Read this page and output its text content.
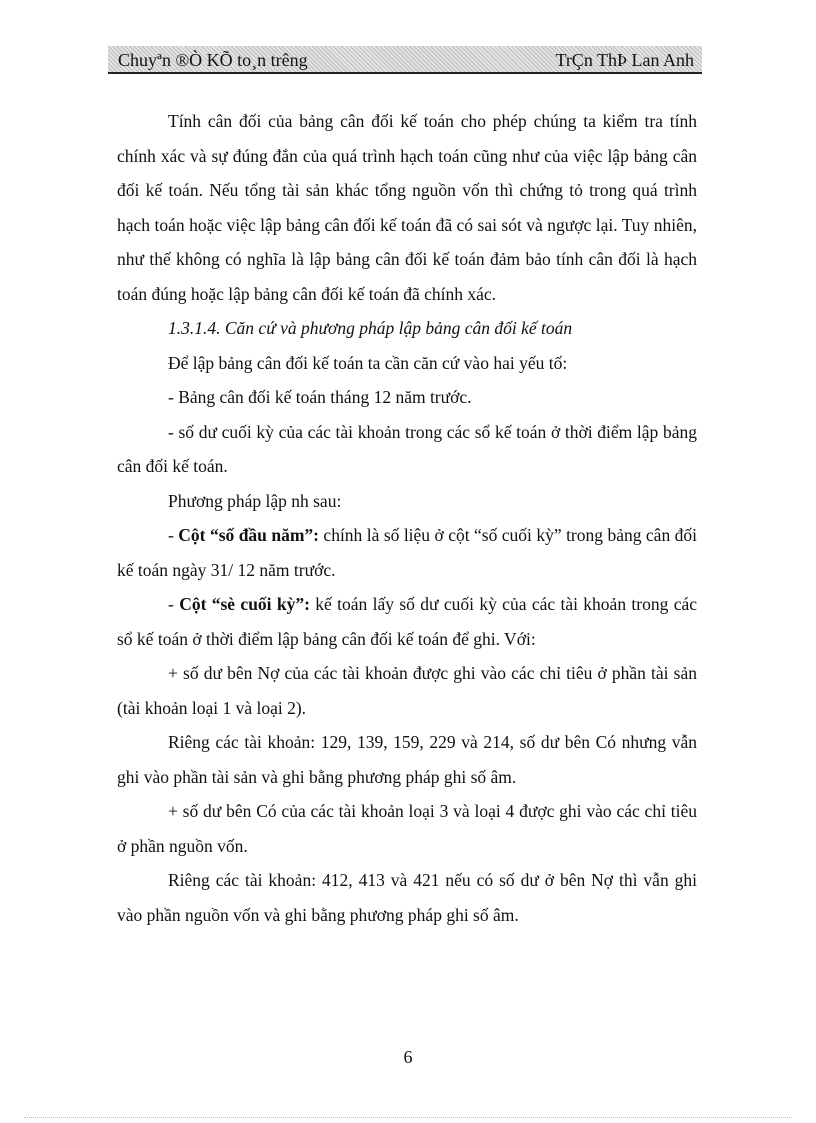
Chuyªn ®Ò KÕ to¸n trêng	TrÇn ThÞ Lan Anh

Tính cân đối của bảng cân đối kế toán cho phép chúng ta kiểm tra tính chính xác và sự đúng đắn của quá trình hạch toán cũng như của việc lập bảng cân đối kế toán. Nếu tổng tài sản khác tổng nguồn vốn thì chứng tỏ trong quá trình hạch toán hoặc việc lập bảng cân đối kế toán đã có sai sót và ngược lại. Tuy nhiên, như thế không có nghĩa là lập bảng cân đối kế toán đảm bảo tính cân đối là hạch toán đúng hoặc lập bảng cân đối kế toán đã chính xác.

1.3.1.4. Căn cứ và phương pháp lập bảng cân đối kế toán

Để lập bảng cân đối kế toán ta cần căn cứ vào hai yếu tố:

- Bảng cân đối kế toán tháng 12 năm trước.

- số dư cuối kỳ của các tài khoản trong các sổ kế toán ở thời điểm lập bảng cân đối kế toán.

Phương pháp lập nh sau:

- Cột “số đầu năm”: chính là số liệu ở cột “số cuối kỳ” trong bảng cân đối kế toán ngày 31/ 12 năm trước.

- Cột “sè cuối kỳ”: kế toán lấy số dư cuối kỳ của các tài khoản trong các sổ kế toán ở thời điểm lập bảng cân đối kế toán để ghi. Với:

+ số dư bên Nợ của các tài khoản được ghi vào các chỉ tiêu ở phần tài sản (tài khoản loại 1 và loại 2).

Riêng các tài khoản: 129, 139, 159, 229 và 214, số dư bên Có nhưng vẫn ghi vào phần tài sản và ghi bằng phương pháp ghi số âm.

+ số dư bên Có của các tài khoản loại 3 và loại 4 được ghi vào các chỉ tiêu ở phần nguồn vốn.

Riêng các tài khoản: 412, 413 và 421 nếu có số dư ở bên Nợ thì vẫn ghi vào phần nguồn vốn và ghi bằng phương pháp ghi số âm.

6
